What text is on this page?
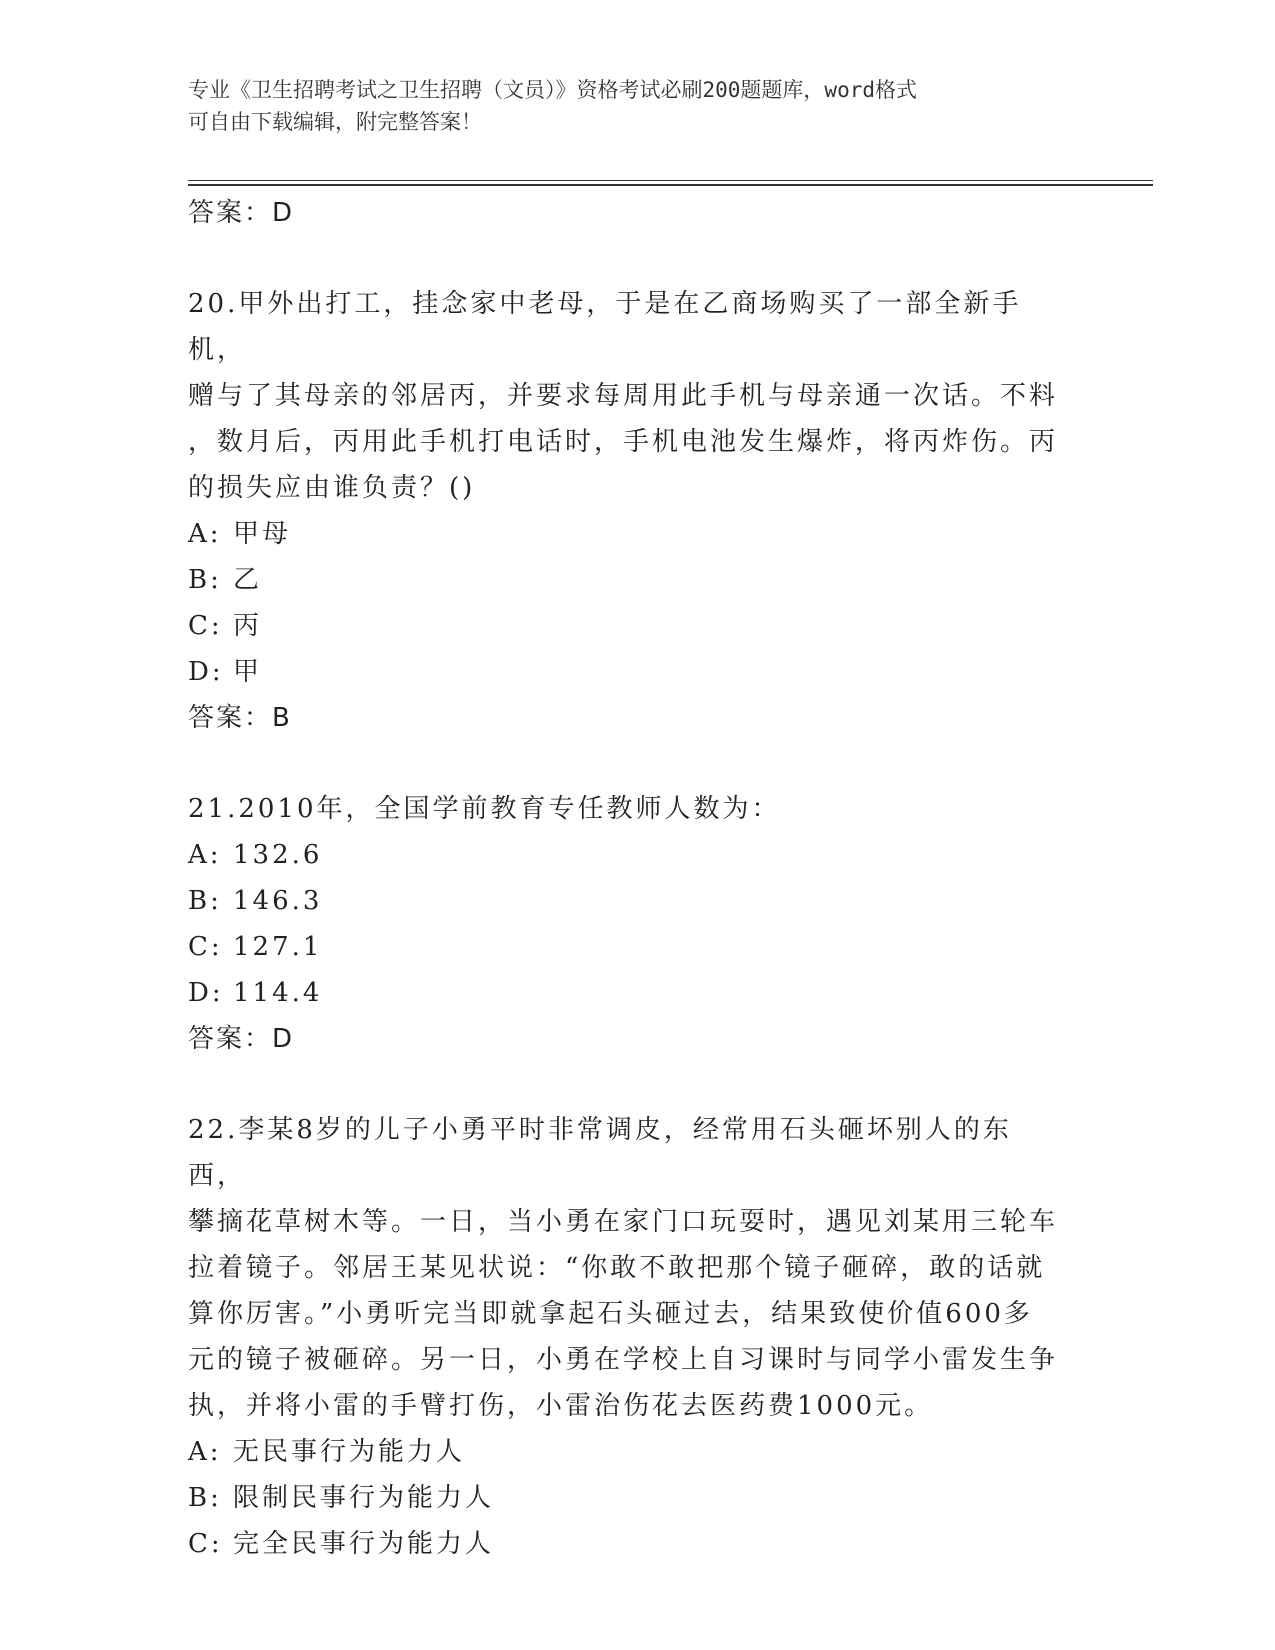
专业《卫生招聘考试之卫生招聘（文员）》资格考试必刷200题题库，word格式
可自由下载编辑，附完整答案！
答案：D

20.甲外出打工，挂念家中老母，于是在乙商场购买了一部全新手机，

赠与了其母亲的邻居丙，并要求每周用此手机与母亲通一次话。不料

，数月后，丙用此手机打电话时，手机电池发生爆炸，将丙炸伤。丙

的损失应由谁负责？()

A: 甲母
B: 乙
C: 丙
D: 甲
答案：B

21.2010年，全国学前教育专任教师人数为：

A: 132.6
B: 146.3
C: 127.1
D: 114.4
答案：D

22.李某8岁的儿子小勇平时非常调皮，经常用石头砸坏别人的东西，

攀摘花草树木等。一日，当小勇在家门口玩耍时，遇见刘某用三轮车

拉着镜子。邻居王某见状说：“你敢不敢把那个镜子砸碎，敢的话就

算你厉害。”小勇听完当即就拿起石头砸过去，结果致使价值600多

元的镜子被砸碎。另一日，小勇在学校上自习课时与同学小雷发生争

执，并将小雷的手臂打伤，小雷治伤花去医药费1000元。

A: 无民事行为能力人
B: 限制民事行为能力人
C: 完全民事行为能力人
